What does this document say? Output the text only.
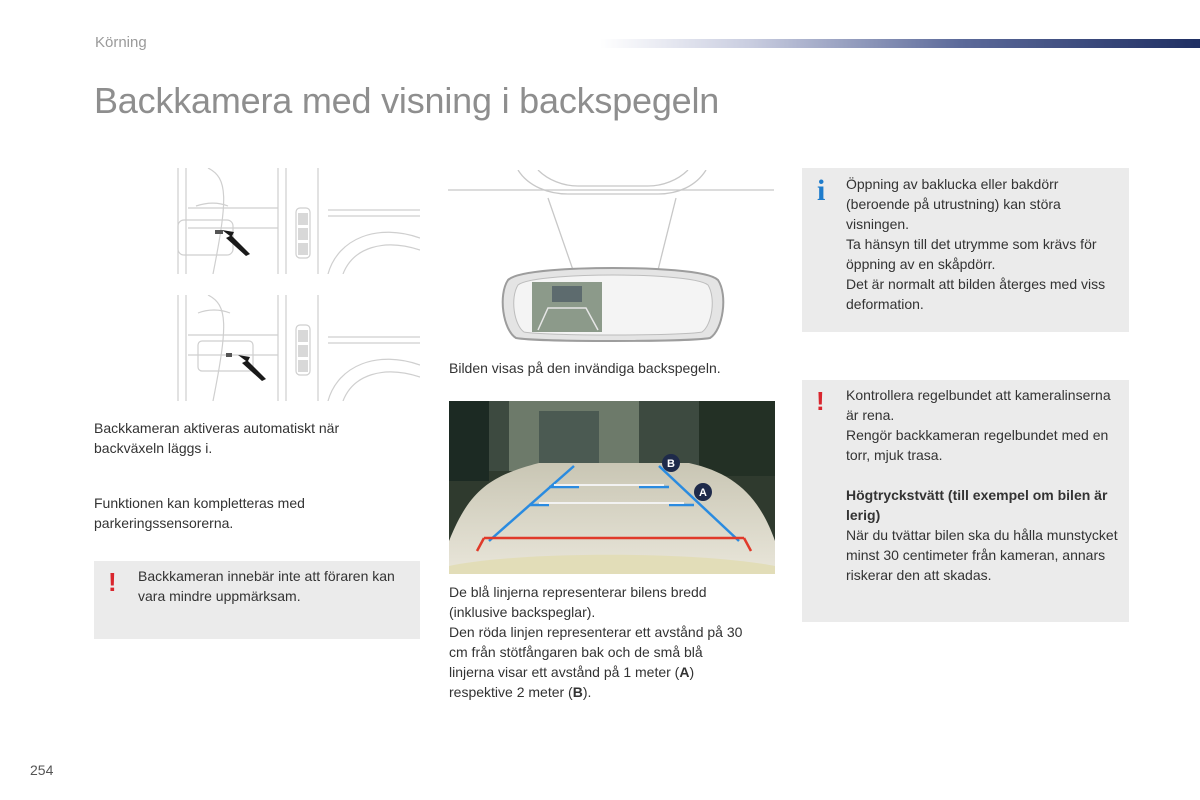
Körning
Backkamera med visning i backspegeln
Backkameran aktiveras automatiskt när backväxeln läggs i.
Funktionen kan kompletteras med parkeringssensorerna.
! Backkameran innebär inte att föraren kan vara mindre uppmärksam.
Bilden visas på den invändiga backspegeln.
B
A
De blå linjerna representerar bilens bredd (inklusive backspeglar).
Den röda linjen representerar ett avstånd på 30 cm från stötfångaren bak och de små blå linjerna visar ett avstånd på 1 meter (A) respektive 2 meter (B).
i Öppning av baklucka eller bakdörr (beroende på utrustning) kan störa visningen.

Ta hänsyn till det utrymme som krävs för öppning av en skåpdörr.

Det är normalt att bilden återges med viss deformation.

! Kontrollera regelbundet att kameralinserna är rena.

Rengör backkameran regelbundet med en torr, mjuk trasa.

Högtryckstvätt (till exempel om bilen är lerig)

När du tvättar bilen ska du hålla munstycket minst 30 centimeter från kameran, annars riskerar den att skadas.

254
